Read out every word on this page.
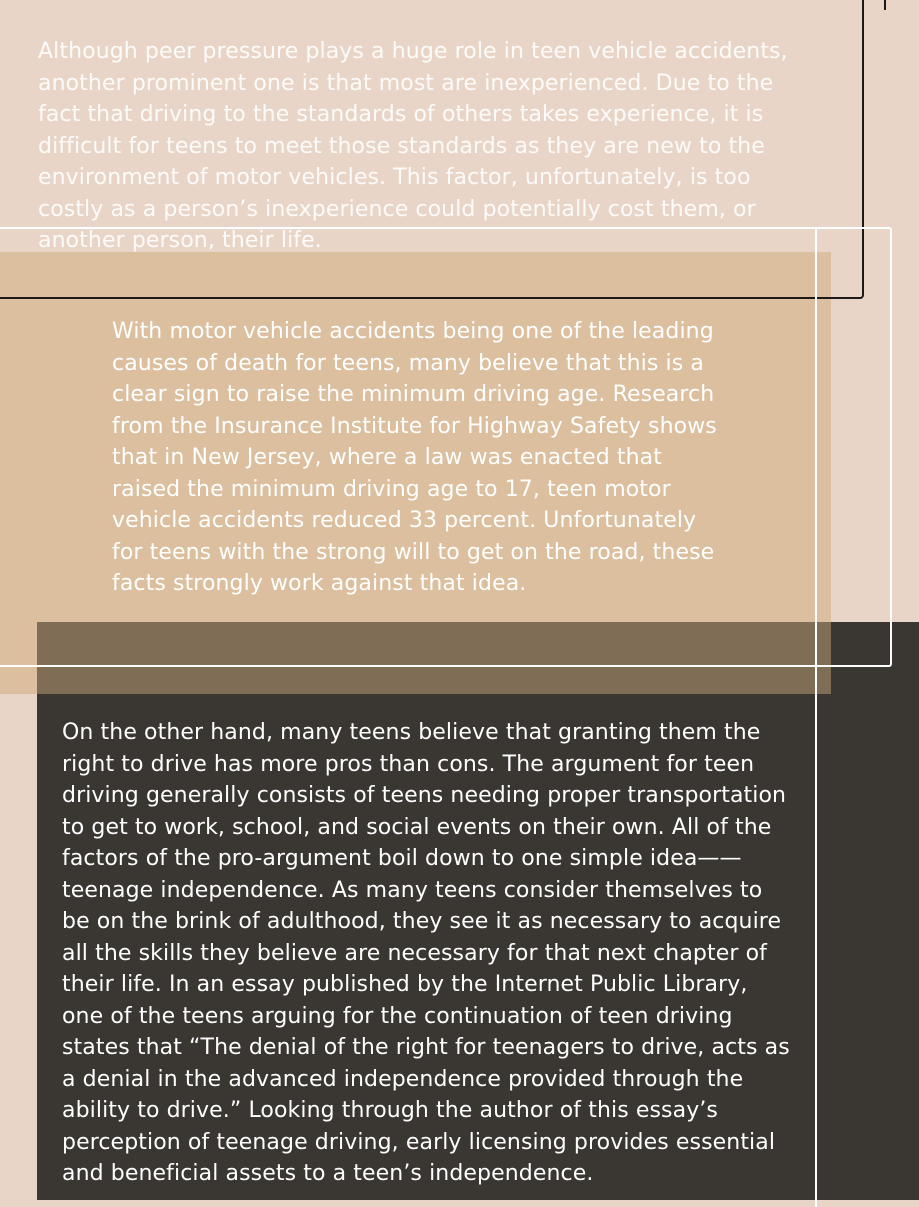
Although peer pressure plays a huge role in teen vehicle accidents, another prominent one is that most are inexperienced. Due to the fact that driving to the standards of others takes experience, it is difficult for teens to meet those standards as they are new to the environment of motor vehicles. This factor, unfortunately, is too costly as a person’s inexperience could potentially cost them, or another person, their life.

With motor vehicle accidents being one of the leading causes of death for teens, many believe that this is a clear sign to raise the minimum driving age. Research from the Insurance Institute for Highway Safety shows that in New Jersey, where a law was enacted that raised the minimum driving age to 17, teen motor vehicle accidents reduced 33 percent. Unfortunately for teens with the strong will to get on the road, these facts strongly work against that idea.

On the other hand, many teens believe that granting them the right to drive has more pros than cons. The argument for teen driving generally consists of teens needing proper transportation to get to work, school, and social events on their own. All of the factors of the pro-argument boil down to one simple idea——teenage independence. As many teens consider themselves to be on the brink of adulthood, they see it as necessary to acquire all the skills they believe are necessary for that next chapter of their life. In an essay published by the Internet Public Library, one of the teens arguing for the continuation of teen driving states that “The denial of the right for teenagers to drive, acts as a denial in the advanced independence provided through the ability to drive.” Looking through the author of this essay’s perception of teenage driving, early licensing provides essential and beneficial assets to a teen’s independence.
